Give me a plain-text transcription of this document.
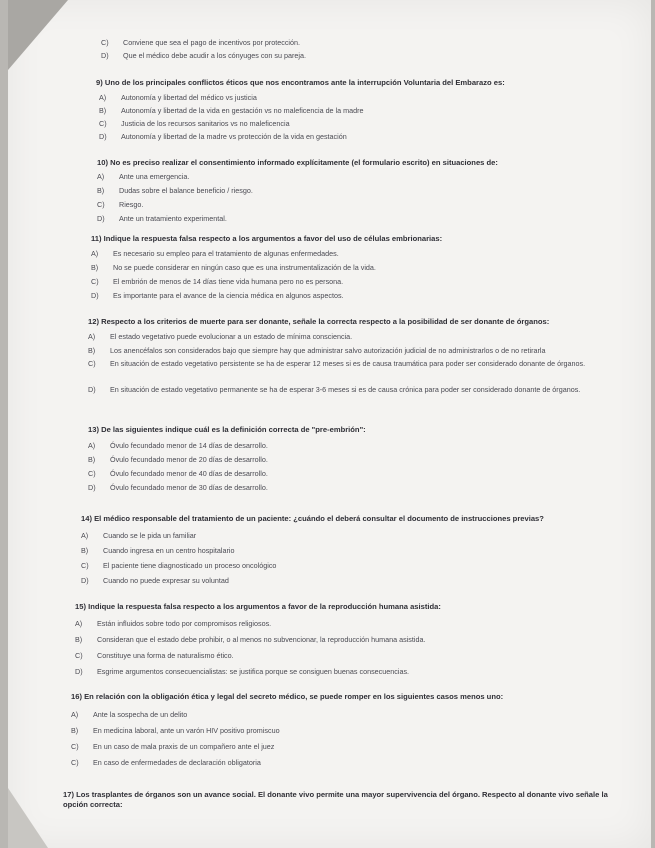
C) Conviene que sea el pago de incentivos por protección.
D) Que el médico debe acudir a los cónyuges con su pareja.
9) Uno de los principales conflictos éticos que nos encontramos ante la interrupción Voluntaria del Embarazo es:
A) Autonomía y libertad del médico vs justicia
B) Autonomía y libertad de la vida en gestación vs no maleficencia de la madre
C) Justicia de los recursos sanitarios vs no maleficencia
D) Autonomía y libertad de la madre vs protección de la vida en gestación
10) No es preciso realizar el consentimiento informado explícitamente (el formulario escrito) en situaciones de:
A) Ante una emergencia.
B) Dudas sobre el balance beneficio / riesgo.
C) Riesgo.
D) Ante un tratamiento experimental.
11) Indique la respuesta falsa respecto a los argumentos a favor del uso de células embrionarias:
A) Es necesario su empleo para el tratamiento de algunas enfermedades.
B) No se puede considerar en ningún caso que es una instrumentalización de la vida.
C) El embrión de menos de 14 días tiene vida humana pero no es persona.
D) Es importante para el avance de la ciencia médica en algunos aspectos.
12) Respecto a los criterios de muerte para ser donante, señale la correcta respecto a la posibilidad de ser donante de órganos:
A) El estado vegetativo puede evolucionar a un estado de mínima consciencia.
B) Los anencéfalos son considerados bajo que siempre hay que administrar salvo autorización judicial de no administrarlos o de no retirarla
C) En situación de estado vegetativo persistente se ha de esperar 12 meses si es de causa traumática para poder ser considerado donante de órganos.
D) En situación de estado vegetativo permanente se ha de esperar 3-6 meses si es de causa crónica para poder ser considerado donante de órganos.
13) De las siguientes indique cuál es la definición correcta de "pre-embrión":
A) Óvulo fecundado menor de 14 días de desarrollo.
B) Óvulo fecundado menor de 20 días de desarrollo.
C) Óvulo fecundado menor de 40 días de desarrollo.
D) Óvulo fecundado menor de 30 días de desarrollo.
14) El médico responsable del tratamiento de un paciente: ¿cuándo el deberá consultar el documento de instrucciones previas?
A) Cuando se le pida un familiar
B) Cuando ingresa en un centro hospitalario
C) El paciente tiene diagnosticado un proceso oncológico
D) Cuando no puede expresar su voluntad
15) Indique la respuesta falsa respecto a los argumentos a favor de la reproducción humana asistida:
A) Están influidos sobre todo por compromisos religiosos.
B) Consideran que el estado debe prohibir, o al menos no subvencionar, la reproducción humana asistida.
C) Constituye una forma de naturalismo ético.
D) Esgrime argumentos consecuencialistas: se justifica porque se consiguen buenas consecuencias.
16) En relación con la obligación ética y legal del secreto médico, se puede romper en los siguientes casos menos uno:
A) Ante la sospecha de un delito
B) En medicina laboral, ante un varón HIV positivo promiscuo
C) En un caso de mala praxis de un compañero ante el juez
C) En caso de enfermedades de declaración obligatoria
17) Los trasplantes de órganos son un avance social. El donante vivo permite una mayor supervivencia del órgano. Respecto al donante vivo señale la opción correcta:
